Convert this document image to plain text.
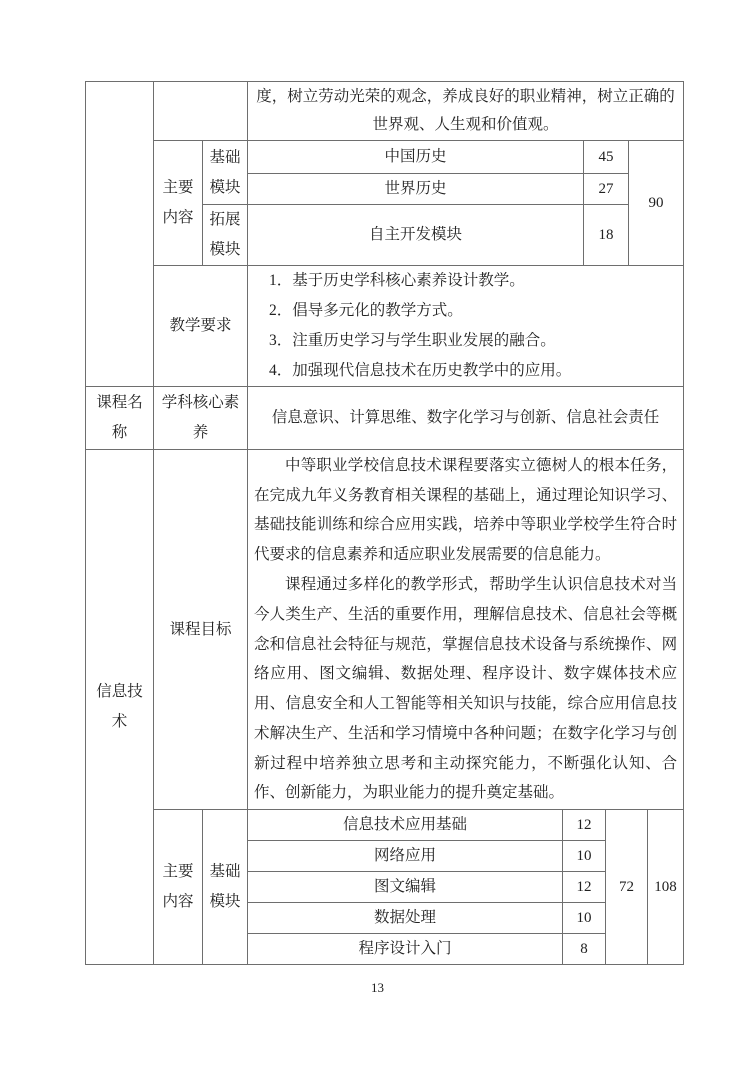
			度，树立劳动光荣的观念，养成良好的职业精神，树立正确的世界观、人生观和价值观。					

	主要内容	基础模块	中国历史		45		90	
			世界历史		27			
		拓展模块	自主开发模块		18			
	教学要求		1．基于历史学科核心素养设计教学。
2．倡导多元化的教学方式。
3．注重历史学习与学生职业发展的融合。
4．加强现代信息技术在历史教学中的应用。					

课程名称	学科核心素养		信息意识、计算思维、数字化学习与创新、信息社会责任					
信息技术	课程目标		中等职业学校信息技术课程要落实立德树人的根本任务，在完成九年义务教育相关课程的基础上，通过理论知识学习、基础技能训练和综合应用实践，培养中等职业学校学生符合时代要求的信息素养和适应职业发展需要的信息能力。

课程通过多样化的教学形式，帮助学生认识信息技术对当今人类生产、生活的重要作用，理解信息技术、信息社会等概念和信息社会特征与规范，掌握信息技术设备与系统操作、网络应用、图文编辑、数据处理、程序设计、数字媒体技术应用、信息安全和人工智能等相关知识与技能，综合应用信息技术解决生产、生活和学习情境中各种问题；在数字化学习与创新过程中培养独立思考和主动探究能力，不断强化认知、合作、创新能力，为职业能力的提升奠定基础。					

	主要内容	基础模块	信息技术应用基础	12		72		108
			网络应用	10				
			图文编辑	12				
			数据处理	10				
			程序设计入门	8				
13
